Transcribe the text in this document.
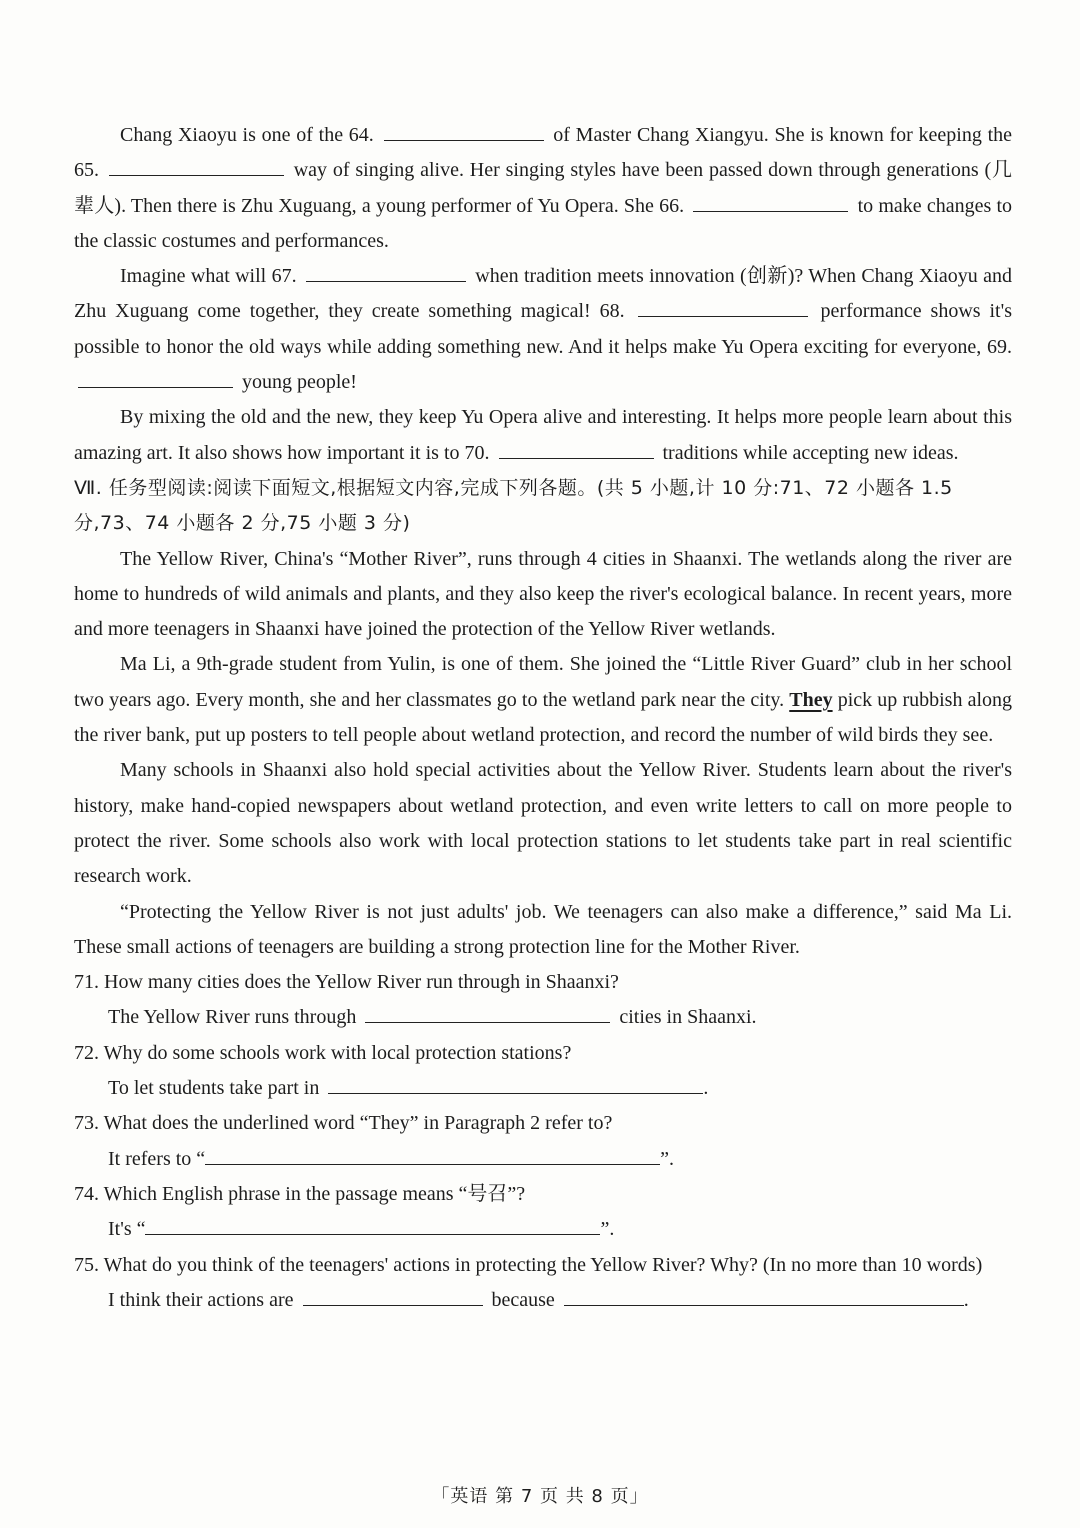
Chang Xiaoyu is one of the 64.	of Master Chang Xiangyu. She is known for keeping the 65.	way of singing alive. Her singing styles have been passed down through generations (几辈人). Then there is Zhu Xuguang, a young performer of Yu Opera. She 66.	to make changes to the classic costumes and performances.

Imagine what will 67.	when tradition meets innovation (创新)? When Chang Xiaoyu and Zhu Xuguang come together, they create something magical! 68.	performance shows it's possible to honor the old ways while adding something new. And it helps make Yu Opera exciting for everyone, 69.  young people!

By mixing the old and the new, they keep Yu Opera alive and interesting. It helps more people learn about this amazing art. It also shows how important it is to 70.	traditions while accepting new ideas.

Ⅶ. 任务型阅读:阅读下面短文,根据短文内容,完成下列各题。(共 5 小题,计 10 分:71、72 小题各 1.5 分,73、74 小题各 2 分,75 小题 3 分)

The Yellow River, China's “Mother River”, runs through 4 cities in Shaanxi. The wetlands along the river are home to hundreds of wild animals and plants, and they also keep the river's ecological balance. In recent years, more and more teenagers in Shaanxi have joined the protection of the Yellow River wetlands.

Ma Li, a 9th-grade student from Yulin, is one of them. She joined the “Little River Guard” club in her school two years ago. Every month, she and her classmates go to the wetland park near the city. They pick up rubbish along the river bank, put up posters to tell people about wetland protection, and record the number of wild birds they see.

Many schools in Shaanxi also hold special activities about the Yellow River. Students learn about the river's history, make hand-copied newspapers about wetland protection, and even write letters to call on more people to protect the river. Some schools also work with local protection stations to let students take part in real scientific research work.

“Protecting the Yellow River is not just adults' job. We teenagers can also make a difference,” said Ma Li. These small actions of teenagers are building a strong protection line for the Mother River.

71. How many cities does the Yellow River run through in Shaanxi?

The Yellow River runs through	cities in Shaanxi.

72. Why do some schools work with local protection stations?

To let students take part in	.

73. What does the underlined word “They” in Paragraph 2 refer to?

It refers to “	”.

74. Which English phrase in the passage means “号召”?

It's “	”.

75. What do you think of the teenagers' actions in protecting the Yellow River? Why? (In no more than 10 words)

I think their actions are	because	.

「英语 第 7 页 共 8 页」
